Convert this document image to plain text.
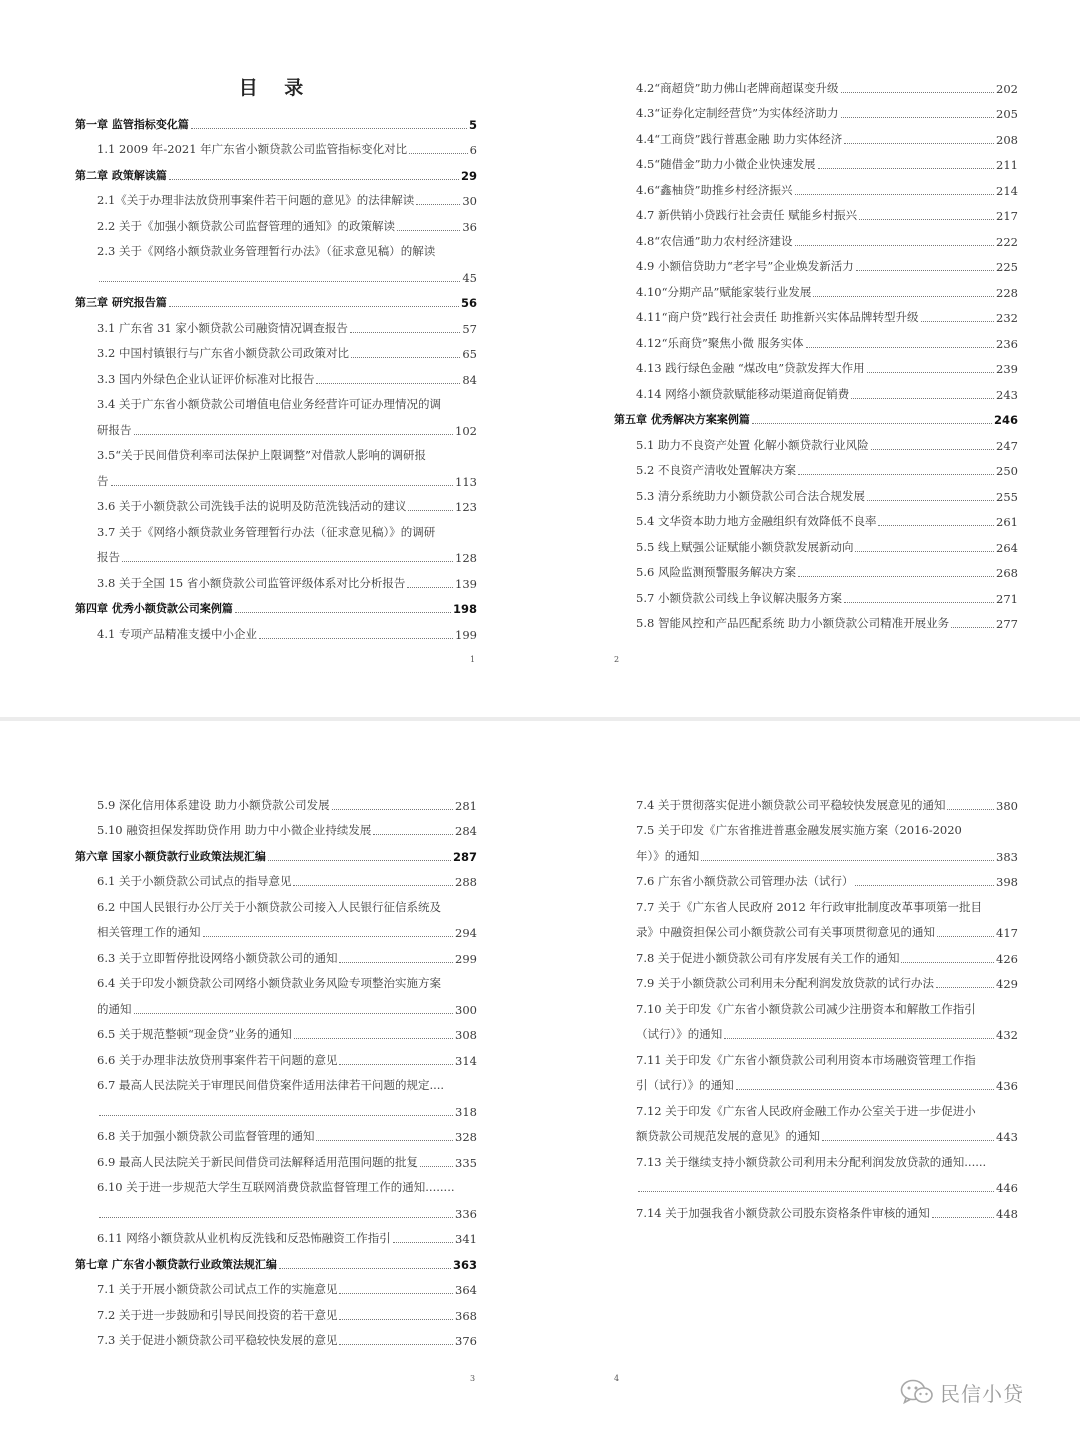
目 录
第一章 监管指标变化篇	5
1.1 2009 年-2021 年广东省小额贷款公司监管指标变化对比	6
第二章 政策解读篇	29
2.1《关于办理非法放贷刑事案件若干问题的意见》的法律解读	30
2.2 关于《加强小额贷款公司监督管理的通知》的政策解读	36
2.3 关于《网络小额贷款业务管理暂行办法》（征求意见稿）的解读
45
第三章 研究报告篇	56
3.1 广东省 31 家小额贷款公司融资情况调查报告	57
3.2 中国村镇银行与广东省小额贷款公司政策对比	65
3.3 国内外绿色企业认证评价标准对比报告	84
3.4 关于广东省小额贷款公司增值电信业务经营许可证办理情况的调
研报告	102
3.5“关于民间借贷利率司法保护上限调整”对借款人影响的调研报
告	113
3.6 关于小额贷款公司洗钱手法的说明及防范洗钱活动的建议	123
3.7 关于《网络小额贷款业务管理暂行办法（征求意见稿）》的调研
报告	128
3.8 关于全国 15 省小额贷款公司监管评级体系对比分析报告	139
第四章 优秀小额贷款公司案例篇	198
4.1 专项产品精准支援中小企业	199
4.2“商超贷”助力佛山老牌商超谋变升级	202
4.3“证券化定制经营贷”为实体经济助力	205
4.4“工商贷”践行普惠金融 助力实体经济	208
4.5“随借金”助力小微企业快速发展	211
4.6“鑫柚贷”助推乡村经济振兴	214
4.7 新供销小贷践行社会责任 赋能乡村振兴	217
4.8“农信通”助力农村经济建设	222
4.9 小额信贷助力“老字号”企业焕发新活力	225
4.10“分期产品”赋能家装行业发展	228
4.11“商户贷”践行社会责任 助推新兴实体品牌转型升级	232
4.12“乐商贷”聚焦小微 服务实体	236
4.13 践行绿色金融 “煤改电”贷款发挥大作用	239
4.14 网络小额贷款赋能移动渠道商促销费	243
第五章 优秀解决方案案例篇	246
5.1 助力不良资产处置 化解小额贷款行业风险	247
5.2 不良资产清收处置解决方案	250
5.3 清分系统助力小额贷款公司合法合规发展	255
5.4 文华资本助力地方金融组织有效降低不良率	261
5.5 线上赋强公证赋能小额贷款发展新动向	264
5.6 风险监测预警服务解决方案	268
5.7 小额贷款公司线上争议解决服务方案	271
5.8 智能风控和产品匹配系统 助力小额贷款公司精准开展业务	277
5.9 深化信用体系建设 助力小额贷款公司发展	281
5.10 融资担保发挥助贷作用 助力中小微企业持续发展	284
第六章 国家小额贷款行业政策法规汇编	287
6.1 关于小额贷款公司试点的指导意见	288
6.2 中国人民银行办公厅关于小额贷款公司接入人民银行征信系统及
相关管理工作的通知	294
6.3 关于立即暂停批设网络小额贷款公司的通知	299
6.4 关于印发小额贷款公司网络小额贷款业务风险专项整治实施方案
的通知	300
6.5 关于规范整顿“现金贷”业务的通知	308
6.6 关于办理非法放贷刑事案件若干问题的意见	314
6.7 最高人民法院关于审理民间借贷案件适用法律若干问题的规定....
318
6.8 关于加强小额贷款公司监督管理的通知	328
6.9 最高人民法院关于新民间借贷司法解释适用范围问题的批复	335
6.10 关于进一步规范大学生互联网消费贷款监督管理工作的通知........
336
6.11 网络小额贷款从业机构反洗钱和反恐怖融资工作指引	341
第七章 广东省小额贷款行业政策法规汇编	363
7.1 关于开展小额贷款公司试点工作的实施意见	364
7.2 关于进一步鼓励和引导民间投资的若干意见	368
7.3 关于促进小额贷款公司平稳较快发展的意见	376
7.4 关于贯彻落实促进小额贷款公司平稳较快发展意见的通知	380
7.5 关于印发《广东省推进普惠金融发展实施方案（2016-2020
年）》的通知	383
7.6 广东省小额贷款公司管理办法（试行）	398
7.7 关于《广东省人民政府 2012 年行政审批制度改革事项第一批目
录》中融资担保公司小额贷款公司有关事项贯彻意见的通知	417
7.8 关于促进小额贷款公司有序发展有关工作的通知	426
7.9 关于小额贷款公司利用未分配利润发放贷款的试行办法	429
7.10 关于印发《广东省小额贷款公司减少注册资本和解散工作指引
（试行）》的通知	432
7.11 关于印发《广东省小额贷款公司利用资本市场融资管理工作指
引（试行）》的通知	436
7.12 关于印发《广东省人民政府金融工作办公室关于进一步促进小
额贷款公司规范发展的意见》的通知	443
7.13 关于继续支持小额贷款公司利用未分配利润发放贷款的通知......
446
7.14 关于加强我省小额贷款公司股东资格条件审核的通知	448
1	2
3	4
民信小贷
